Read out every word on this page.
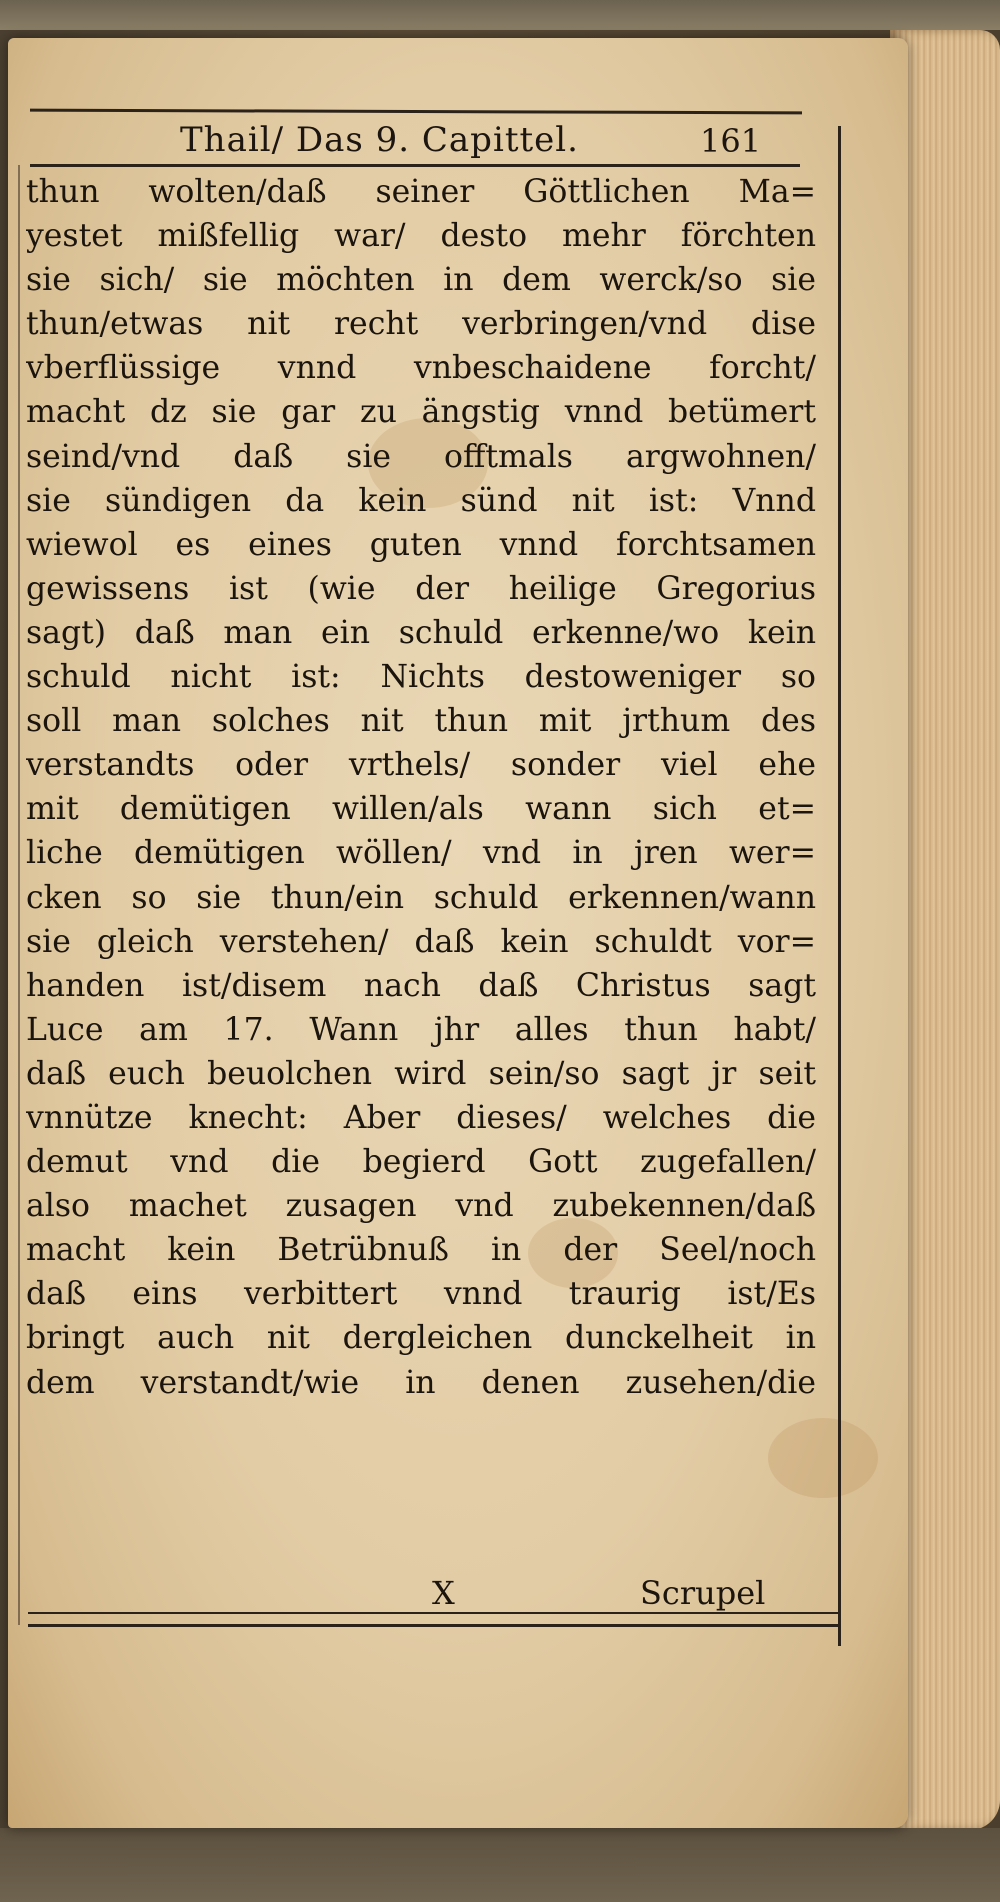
Thail/ Das 9. Capittel.	161
thun wolten/daß seiner Göttlichen Ma=
yestet mißfellig war/ desto mehr förchten
sie sich/ sie möchten in dem werck/so sie
thun/etwas nit recht verbringen/vnd dise
vberflüssige vnnd vnbeschaidene forcht/
macht dz sie gar zu ängstig vnnd betümert
seind/vnd daß sie offtmals argwohnen/
sie sündigen da kein sünd nit ist: Vnnd
wiewol es eines guten vnnd forchtsamen
gewissens ist (wie der heilige Gregorius
sagt) daß man ein schuld erkenne/wo kein
schuld nicht ist: Nichts destoweniger so
soll man solches nit thun mit jrthum des
verstandts oder vrthels/ sonder viel ehe
mit demütigen willen/als wann sich et=
liche demütigen wöllen/ vnd in jren wer=
cken so sie thun/ein schuld erkennen/wann
sie gleich verstehen/ daß kein schuldt vor=
handen ist/disem nach daß Christus sagt
Luce am 17. Wann jhr alles thun habt/
daß euch beuolchen wird sein/so sagt jr seit
vnnütze knecht: Aber dieses/ welches die
demut vnd die begierd Gott zugefallen/
also machet zusagen vnd zubekennen/daß
macht kein Betrübnuß in der Seel/noch
daß eins verbittert vnnd traurig ist/Es
bringt auch nit dergleichen dunckelheit in
dem verstandt/wie in denen zusehen/die
X	Scrupel
